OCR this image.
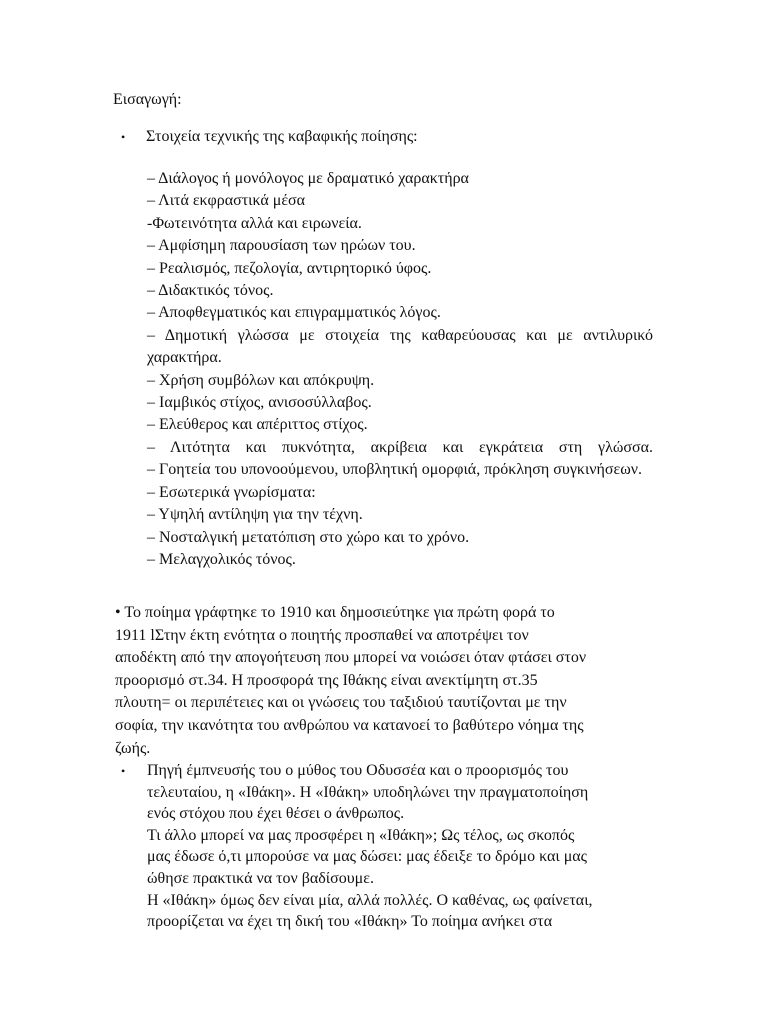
Εισαγωγή:
• Στοιχεία τεχνικής της καβαφικής ποίησης:
– Διάλογος ή μονόλογος με δραματικό χαρακτήρα
– Λιτά εκφραστικά μέσα
-Φωτεινότητα αλλά και ειρωνεία.
– Αμφίσημη παρουσίαση των ηρώων του.
– Ρεαλισμός, πεζολογία, αντιρητορικό ύφος.
– Διδακτικός τόνος.
– Αποφθεγματικός και επιγραμματικός λόγος.
– Δημοτική γλώσσα με στοιχεία της καθαρεύουσας και με αντιλυρικό χαρακτήρα.
– Χρήση συμβόλων και απόκρυψη.
– Ιαμβικός στίχος, ανισοσύλλαβος.
– Ελεύθερος και απέριττος στίχος.
– Λιτότητα και πυκνότητα, ακρίβεια και εγκράτεια στη γλώσσα.
– Γοητεία του υπονοούμενου, υποβλητική ομορφιά, πρόκληση συγκινήσεων.
– Εσωτερικά γνωρίσματα:
– Υψηλή αντίληψη για την τέχνη.
– Νοσταλγική μετατόπιση στο χώρο και το χρόνο.
– Μελαγχολικός τόνος.

• Το ποίημα γράφτηκε το 1910 και δημοσιεύτηκε για πρώτη φορά το
1911 lΣτην έκτη ενότητα ο ποιητής προσπαθεί να αποτρέψει τον
αποδέκτη από την απογοήτευση που μπορεί να νοιώσει όταν φτάσει στον
προορισμό στ.34. Η προσφορά της Ιθάκης είναι ανεκτίμητη στ.35
πλουτη= οι περιπέτειες και οι γνώσεις του ταξιδιού ταυτίζονται με την
σοφία, την ικανότητα του ανθρώπου να κατανοεί το βαθύτερο νόημα της
ζωής.

• Πηγή έμπνευσής του ο μύθος του Οδυσσέα και ο προορισμός του
τελευταίου, η «Ιθάκη». Η «Ιθάκη» υποδηλώνει την πραγματοποίηση
ενός στόχου που έχει θέσει ο άνθρωπος.
Τι άλλο μπορεί να μας προσφέρει η «Ιθάκη»; Ως τέλος, ως σκοπός
μας έδωσε ό,τι μπορούσε να μας δώσει: μας έδειξε το δρόμο και μας
ώθησε πρακτικά να τον βαδίσουμε.
Η «Ιθάκη» όμως δεν είναι μία, αλλά πολλές. Ο καθένας, ως φαίνεται,
προορίζεται να έχει τη δική του «Ιθάκη» Το ποίημα ανήκει στα
